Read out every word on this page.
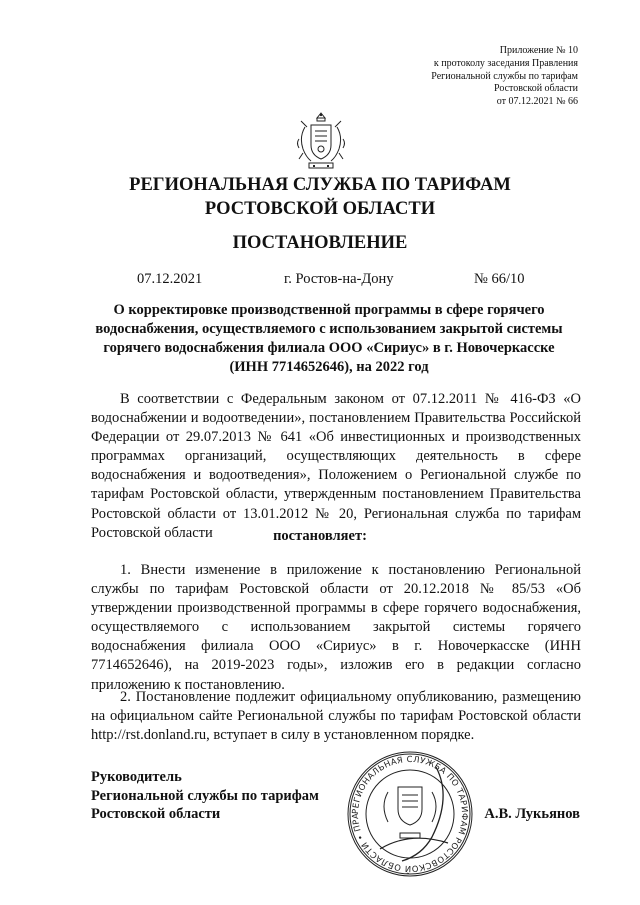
Приложение № 10
к протоколу заседания Правления
Региональной службы по тарифам
Ростовской области
от 07.12.2021 № 66
РЕГИОНАЛЬНАЯ СЛУЖБА ПО ТАРИФАМ
РОСТОВСКОЙ ОБЛАСТИ
ПОСТАНОВЛЕНИЕ
07.12.2021	г. Ростов-на-Дону	№ 66/10
О корректировке производственной программы в сфере горячего
водоснабжения, осуществляемого с использованием закрытой системы
горячего водоснабжения филиала ООО «Сириус» в г. Новочеркасске
(ИНН 7714652646), на 2022 год

В соответствии с Федеральным законом от 07.12.2011 № 416-ФЗ «О водоснабжении и водоотведении», постановлением Правительства Российской Федерации от 29.07.2013 № 641 «Об инвестиционных и производственных программах организаций, осуществляющих деятельность в сфере водоснабжения и водоотведения», Положением о Региональной службе по тарифам Ростовской области, утвержденным постановлением Правительства Ростовской области от 13.01.2012 № 20, Региональная служба по тарифам Ростовской области	постановляет:

1. Внести изменение в приложение к постановлению Региональной службы по тарифам Ростовской области от 20.12.2018 № 85/53 «Об утверждении производственной программы в сфере горячего водоснабжения, осуществляемого с использованием закрытой системы горячего водоснабжения филиала ООО «Сириус» в г. Новочеркасске (ИНН 7714652646), на 2019-2023 годы», изложив его в редакции согласно приложению к постановлению.

2. Постановление подлежит официальному опубликованию, размещению на официальном сайте Региональной службы по тарифам Ростовской области http://rst.donland.ru, вступает в силу в установленном порядке.

Руководитель
Региональной службы по тарифам
Ростовской области	РЕГИОНАЛЬНАЯ СЛУЖБА ПО ТАРИФАМ РОСТОВСКОЙ ОБЛАСТИ • ПРА	А.В. Лукьянов
